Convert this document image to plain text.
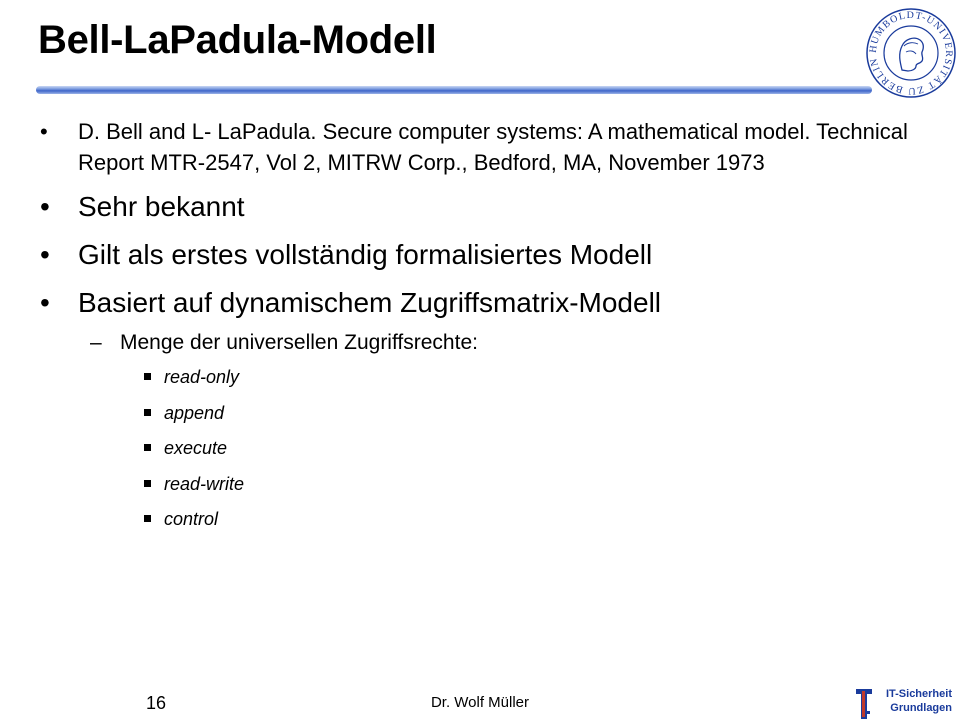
Bell-LaPadula-Modell	HUMBOLDT-UNIVERSITÄT ZU BERLIN
• D. Bell and L- LaPadula. Secure computer systems: A mathematical model. Technical Report MTR-2547, Vol 2, MITRW Corp., Bedford, MA, November 1973
• Sehr bekannt
• Gilt als erstes vollständig formalisiertes Modell
• Basiert auf dynamischem Zugriffsmatrix-Modell
– Menge der universellen Zugriffsrechte:
read-only
append
execute
read-write
control
16	Dr. Wolf Müller	IT-Sicherheit
Grundlagen
